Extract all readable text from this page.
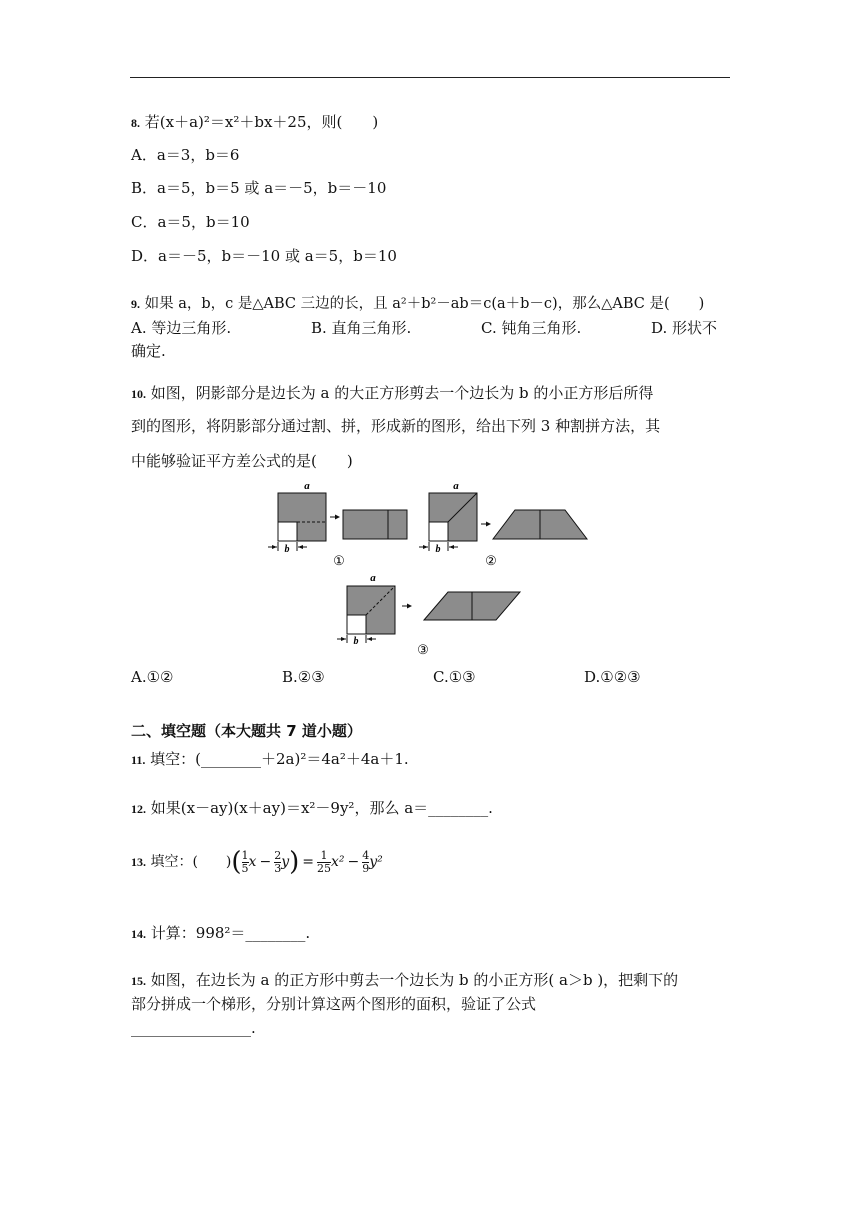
8. 若(x＋a)²＝x²＋bx＋25，则(　　)
A．a＝3，b＝6
B．a＝5，b＝5 或 a＝－5，b＝－10
C．a＝5，b＝10
D．a＝－5，b＝－10 或 a＝5，b＝10
9. 如果 a，b，c 是△ABC 三边的长，且 a²＋b²－ab＝c(a＋b－c)，那么△ABC 是(　　)
A. 等边三角形.	B. 直角三角形.	C. 钝角三角形.	D. 形状不
确定.
10. 如图，阴影部分是边长为 a 的大正方形剪去一个边长为 b 的小正方形后所得
到的图形，将阴影部分通过割、拼，形成新的图形，给出下列 3 种割拼方法，其
中能够验证平方差公式的是(　　)
a
b
①
a
b
②
a
b
③
A.①②	B.②③	C.①③	D.①②③
二、填空题（本大题共 7 道小题）
11. 填空：(________＋2a)²＝4a²＋4a＋1.
12. 如果(x－ay)(x＋ay)＝x²－9y²，那么 a＝________.
13. 填空：(　　)( $\frac{1}{5}$ $x - \frac{2}{3} y) = \frac{1}{25} x^2 - \frac{4}{9} y^2$
14. 计算：998²＝________.
15. 如图，在边长为 a 的正方形中剪去一个边长为 b 的小正方形( a＞b )，把剩下的
部分拼成一个梯形，分别计算这两个图形的面积，验证了公式
________________.
